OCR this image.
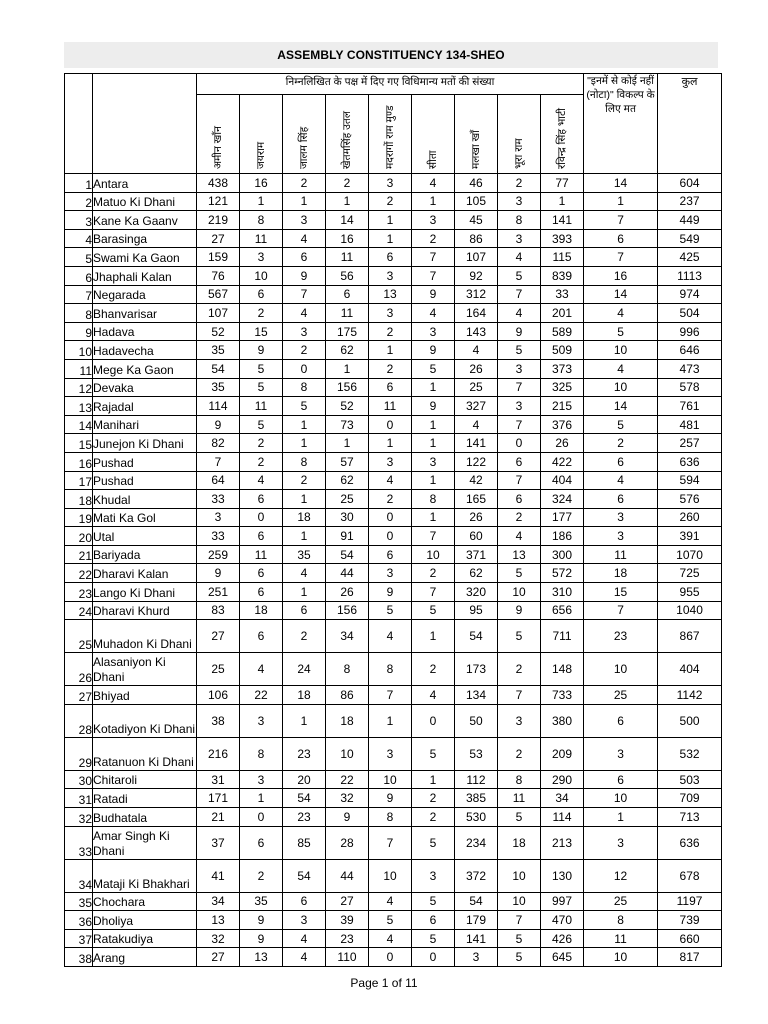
ASSEMBLY CONSTITUENCY 134-SHEO
		निम्नलिखित के पक्ष में दिए गए विधिमान्य मतों की संख्या									"इनमें से कोई नहीं (नोटा)" विकल्प के लिए मत	कुल

		अमीन खाँन	जयराम	जालम सिंह	खेतमसिंह उतल	मदरागों राम मुण्ड	सीता	मलखा खाँ	भूरा राम	रविन्द्र सिंह भाटी		

1	Antara	438	16	2	2	3	4	46	2	77	14	604
2	Matuo Ki Dhani	121	1	1	1	2	1	105	3	1	1	237
3	Kane Ka Gaanv	219	8	3	14	1	3	45	8	141	7	449
4	Barasinga	27	11	4	16	1	2	86	3	393	6	549
5	Swami Ka Gaon	159	3	6	11	6	7	107	4	115	7	425
6	Jhaphali Kalan	76	10	9	56	3	7	92	5	839	16	1113
7	Negarada	567	6	7	6	13	9	312	7	33	14	974
8	Bhanvarisar	107	2	4	11	3	4	164	4	201	4	504
9	Hadava	52	15	3	175	2	3	143	9	589	5	996
10	Hadavecha	35	9	2	62	1	9	4	5	509	10	646
11	Mege Ka Gaon	54	5	0	1	2	5	26	3	373	4	473
12	Devaka	35	5	8	156	6	1	25	7	325	10	578
13	Rajadal	114	11	5	52	11	9	327	3	215	14	761
14	Manihari	9	5	1	73	0	1	4	7	376	5	481
15	Junejon Ki Dhani	82	2	1	1	1	1	141	0	26	2	257
16	Pushad	7	2	8	57	3	3	122	6	422	6	636
17	Pushad	64	4	2	62	4	1	42	7	404	4	594
18	Khudal	33	6	1	25	2	8	165	6	324	6	576
19	Mati Ka Gol	3	0	18	30	0	1	26	2	177	3	260
20	Utal	33	6	1	91	0	7	60	4	186	3	391
21	Bariyada	259	11	35	54	6	10	371	13	300	11	1070
22	Dharavi Kalan	9	6	4	44	3	2	62	5	572	18	725
23	Lango Ki Dhani	251	6	1	26	9	7	320	10	310	15	955
24	Dharavi Khurd	83	18	6	156	5	5	95	9	656	7	1040
25	Muhadon Ki Dhani	27	6	2	34	4	1	54	5	711	23	867
26	Alasaniyon Ki Dhani	25	4	24	8	8	2	173	2	148	10	404
27	Bhiyad	106	22	18	86	7	4	134	7	733	25	1142
28	Kotadiyon Ki Dhani	38	3	1	18	1	0	50	3	380	6	500
29	Ratanuon Ki Dhani	216	8	23	10	3	5	53	2	209	3	532
30	Chitaroli	31	3	20	22	10	1	112	8	290	6	503
31	Ratadi	171	1	54	32	9	2	385	11	34	10	709
32	Budhatala	21	0	23	9	8	2	530	5	114	1	713
33	Amar Singh Ki Dhani	37	6	85	28	7	5	234	18	213	3	636
34	Mataji Ki Bhakhari	41	2	54	44	10	3	372	10	130	12	678
35	Chochara	34	35	6	27	4	5	54	10	997	25	1197
36	Dholiya	13	9	3	39	5	6	179	7	470	8	739
37	Ratakudiya	32	9	4	23	4	5	141	5	426	11	660
38	Arang	27	13	4	110	0	0	3	5	645	10	817
Page 1 of 11
